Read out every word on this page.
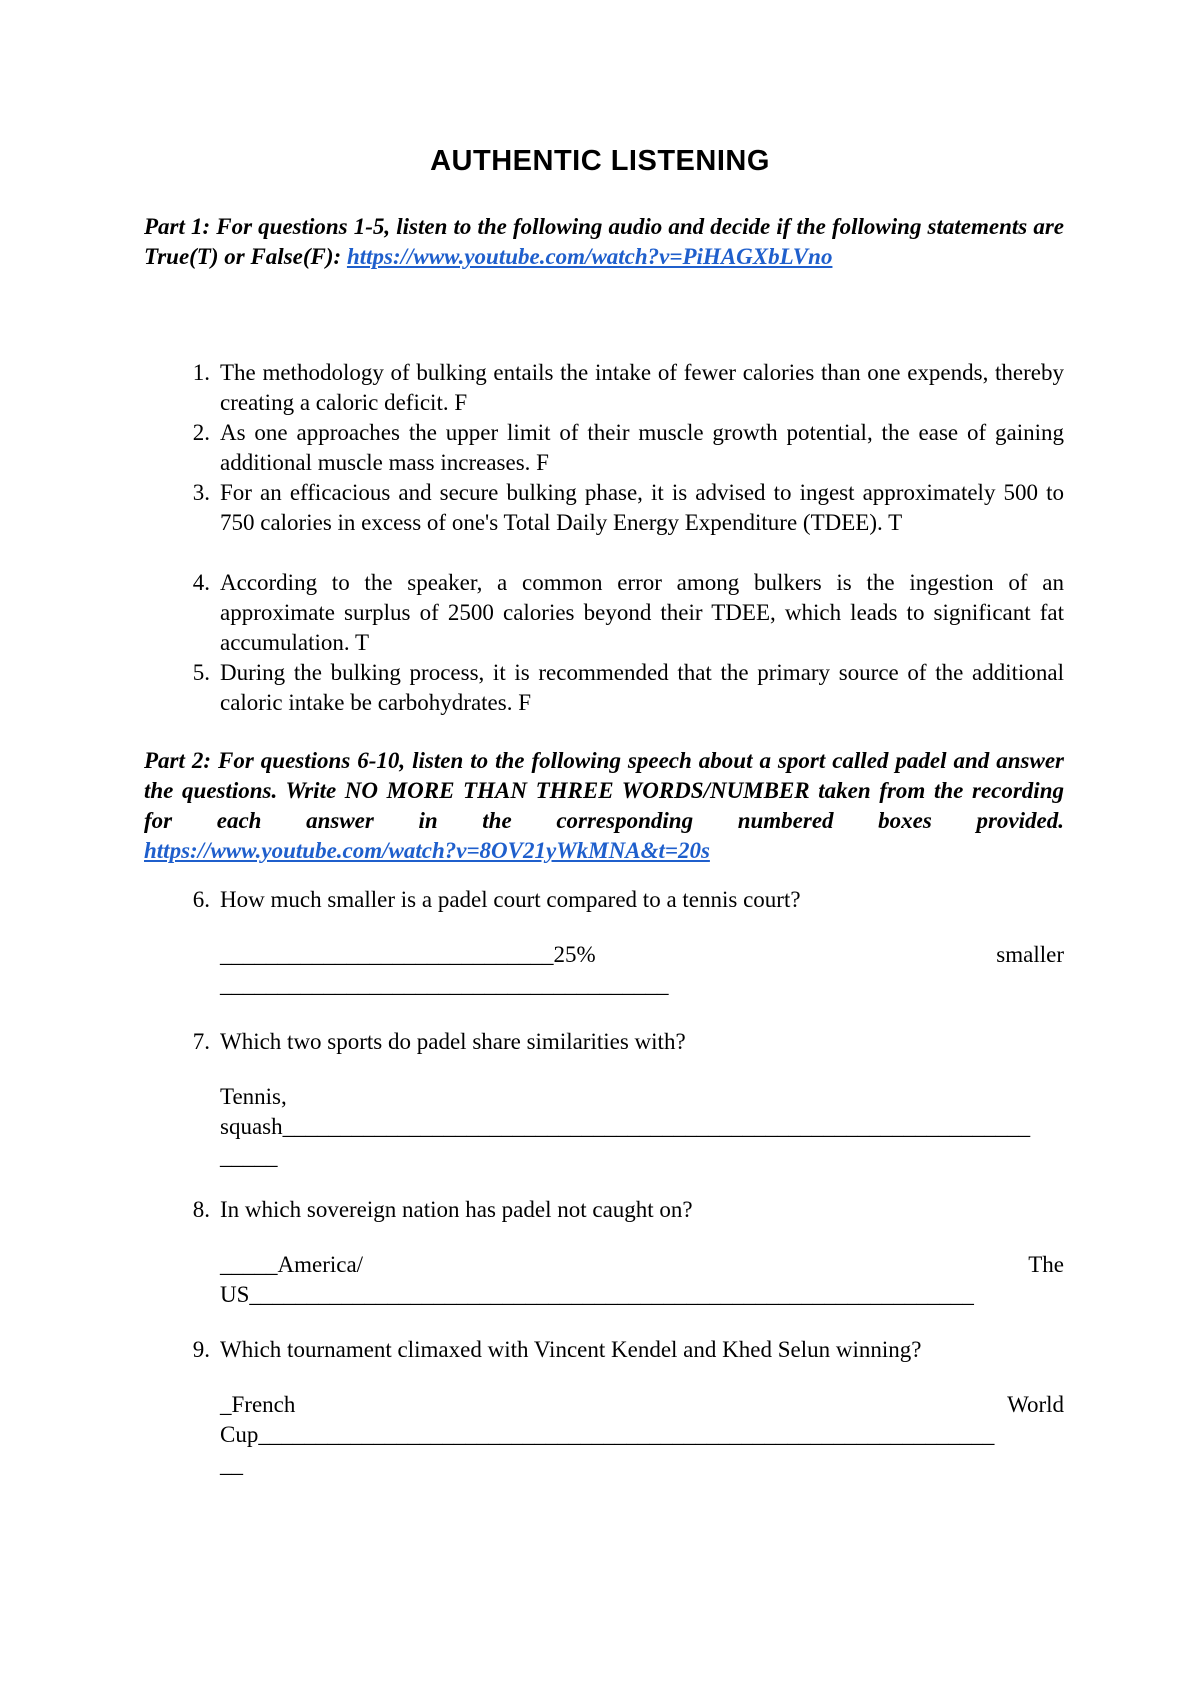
AUTHENTIC LISTENING
Part 1: For questions 1-5, listen to the following audio and decide if the following statements are True(T) or False(F): https://www.youtube.com/watch?v=PiHAGXbLVno
1. The methodology of bulking entails the intake of fewer calories than one expends, thereby creating a caloric deficit. F
2. As one approaches the upper limit of their muscle growth potential, the ease of gaining additional muscle mass increases. F
3. For an efficacious and secure bulking phase, it is advised to ingest approximately 500 to 750 calories in excess of one's Total Daily Energy Expenditure (TDEE). T
4. According to the speaker, a common error among bulkers is the ingestion of an approximate surplus of 2500 calories beyond their TDEE, which leads to significant fat accumulation. T
5. During the bulking process, it is recommended that the primary source of the additional caloric intake be carbohydrates. F
Part 2: For questions 6-10, listen to the following speech about a sport called padel and answer the questions. Write NO MORE THAN THREE WORDS/NUMBER taken from the recording for each answer in the corresponding numbered boxes provided. https://www.youtube.com/watch?v=8OV21yWkMNA&t=20s
6. How much smaller is a padel court compared to a tennis court?
_____________________________25%	smaller
_______________________________________
7. Which two sports do padel share similarities with?
Tennis,
squash_________________________________________________________________
_____
8. In which sovereign nation has padel not caught on?
_____America/	The
US_______________________________________________________________
9. Which tournament climaxed with Vincent Kendel and Khed Selun winning?
_French	World
Cup________________________________________________________________
__
